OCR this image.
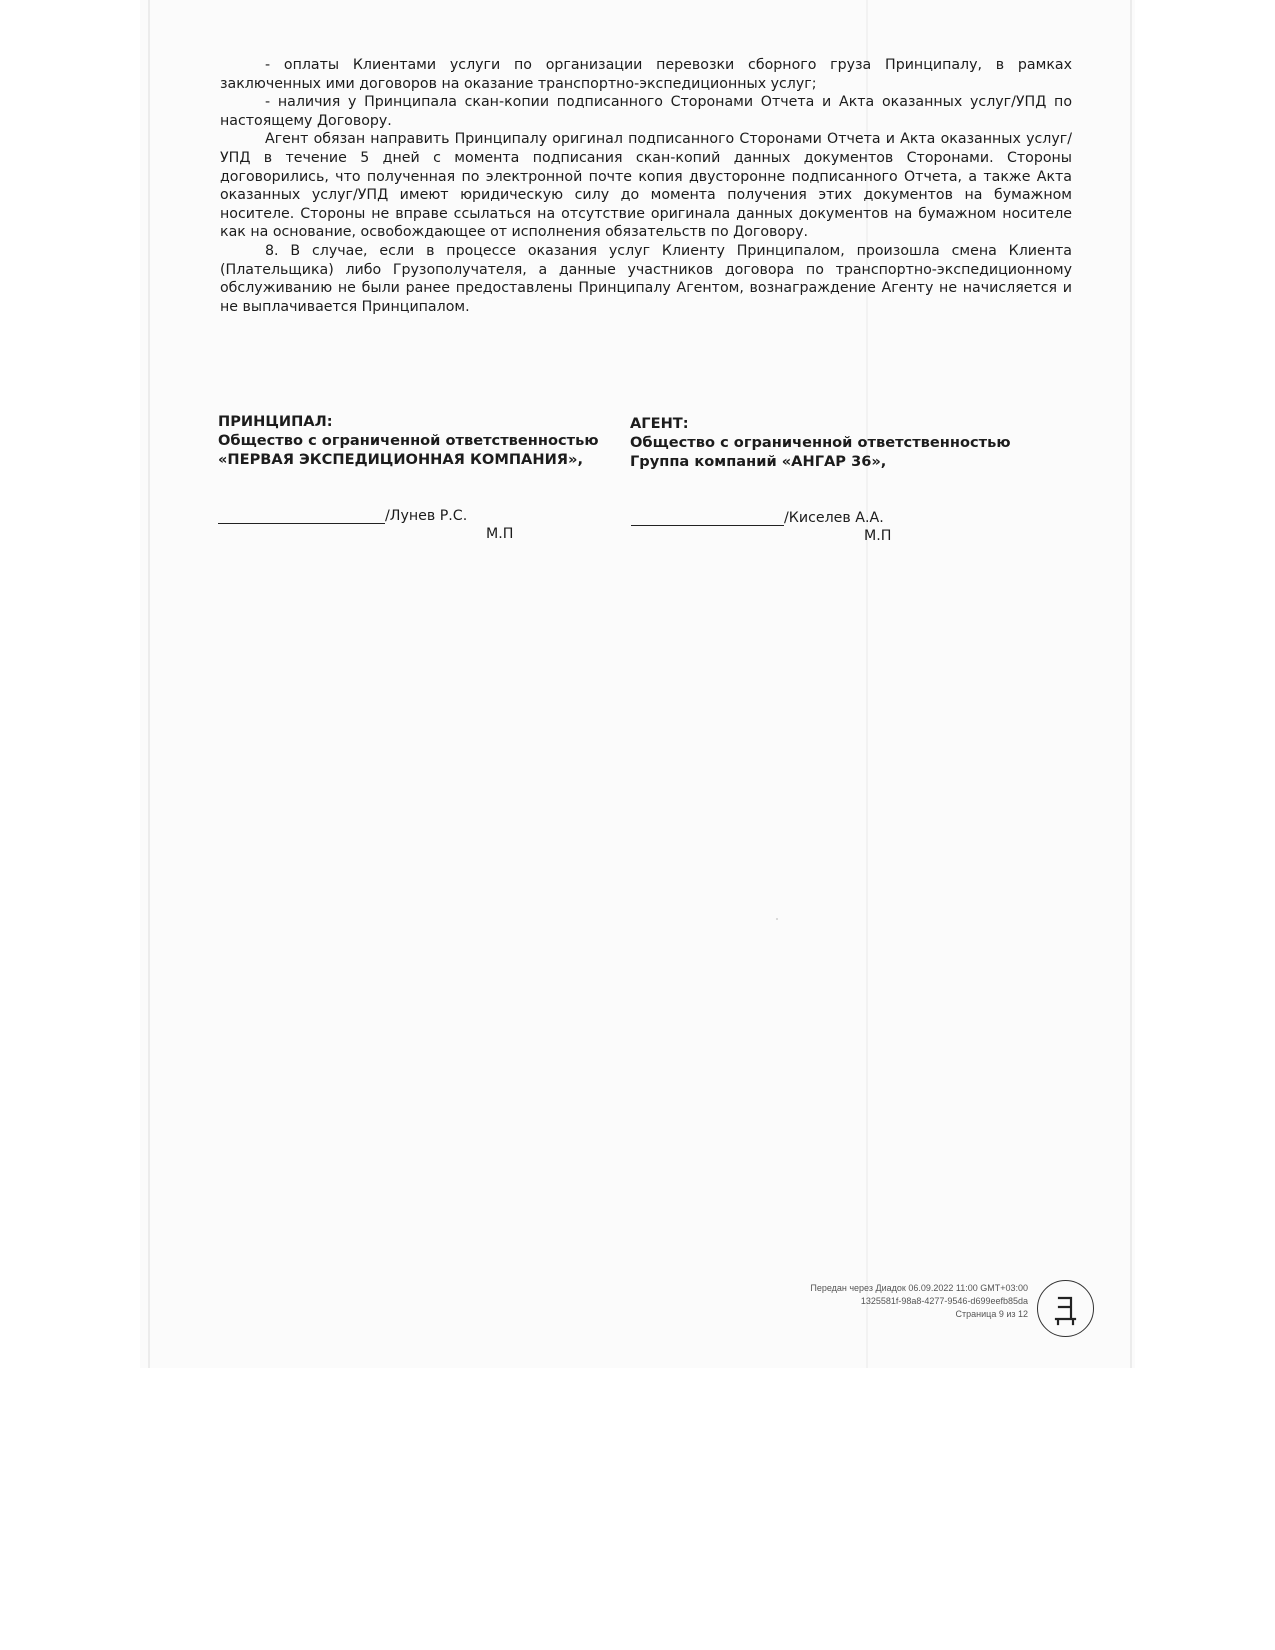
- оплаты Клиентами услуги по организации перевозки сборного груза Принципалу, в рамках заключенных ими договоров на оказание транспортно-экспедиционных услуг;

- наличия у Принципала скан-копии подписанного Сторонами Отчета и Акта оказанных услуг/УПД по настоящему Договору.

Агент обязан направить Принципалу оригинал подписанного Сторонами Отчета и Акта оказанных услуг/УПД в течение 5 дней с момента подписания скан-копий данных документов Сторонами. Стороны договорились, что полученная по электронной почте копия двусторонне подписанного Отчета, а также Акта оказанных услуг/УПД имеют юридическую силу до момента получения этих документов на бумажном носителе. Стороны не вправе ссылаться на отсутствие оригинала данных документов на бумажном носителе как на основание, освобождающее от исполнения обязательств по Договору.

8. В случае, если в процессе оказания услуг Клиенту Принципалом, произошла смена Клиента (Плательщика) либо Грузополучателя, а данные участников договора по транспортно-экспедиционному обслуживанию не были ранее предоставлены Принципалу Агентом, вознаграждение Агенту не начисляется и не выплачивается Принципалом.

ПРИНЦИПАЛ:
Общество с ограниченной ответственностью
«ПЕРВАЯ ЭКСПЕДИЦИОННАЯ КОМПАНИЯ»,
АГЕНТ:
Общество с ограниченной ответственностью
Группа компаний «АНГАР 36»,
/Лунев Р.С.
М.П
/Киселев А.А.
М.П
Передан через Диадок 06.09.2022 11:00 GMT+03:00
1325581f-98a8-4277-9546-d699eefb85da
Страница 9 из 12
